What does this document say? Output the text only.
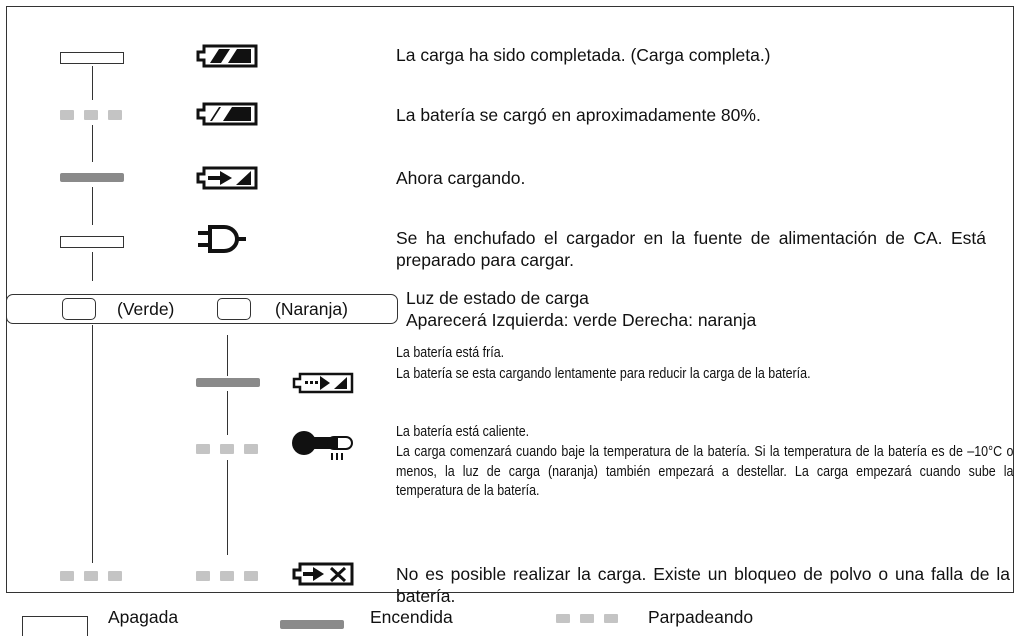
La carga ha sido completada. (Carga completa.)
La batería se cargó en aproximadamente 80%.
Ahora cargando.
Se ha enchufado el cargador en la fuente de alimentación de CA. Está preparado para cargar.
(Verde)	(Naranja)
Luz de estado de carga
Aparecerá Izquierda: verde Derecha: naranja
La batería está fría.
La batería se esta cargando lentamente para reducir la carga de la batería.
La batería está caliente.
La carga comenzará cuando baje la temperatura de la batería. Si la temperatura de la batería es de –10°C o menos, la luz de carga (naranja) también empezará a destellar. La carga empezará cuando sube la temperatura de la batería.
No es posible realizar la carga. Existe un bloqueo de polvo o una falla de la batería.
Apagada	Encendida	Parpadeando
